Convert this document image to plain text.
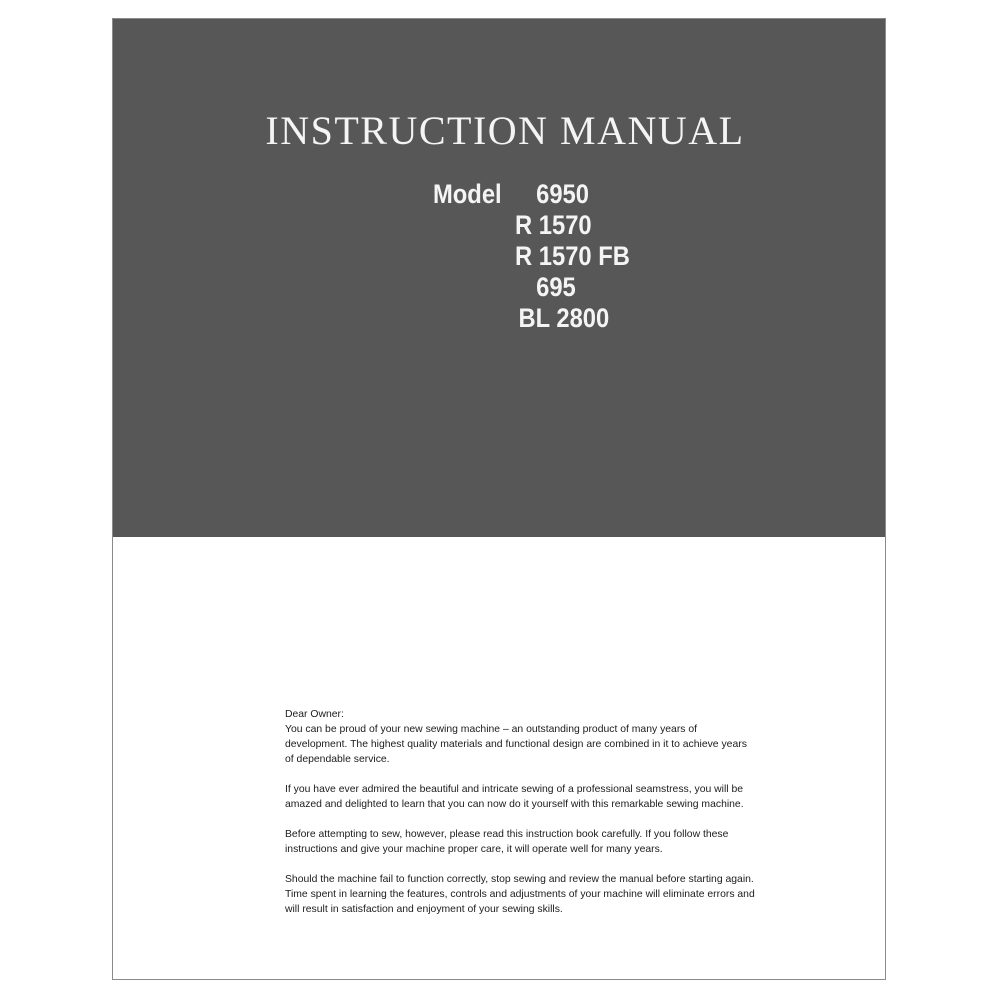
INSTRUCTION MANUAL
Model	6950
R 1570
R 1570 FB
695
BL 2800

Dear Owner:

You can be proud of your new sewing machine – an outstanding product of many years of development. The highest quality materials and functional design are combined in it to achieve years of dependable service.

If you have ever admired the beautiful and intricate sewing of a professional seamstress, you will be amazed and delighted to learn that you can now do it yourself with this remarkable sewing machine.

Before attempting to sew, however, please read this instruction book carefully. If you follow these instructions and give your machine proper care, it will operate well for many years.

Should the machine fail to function correctly, stop sewing and review the manual before starting again. Time spent in learning the features, controls and adjustments of your machine will eliminate errors and will result in satisfaction and enjoyment of your sewing skills.
